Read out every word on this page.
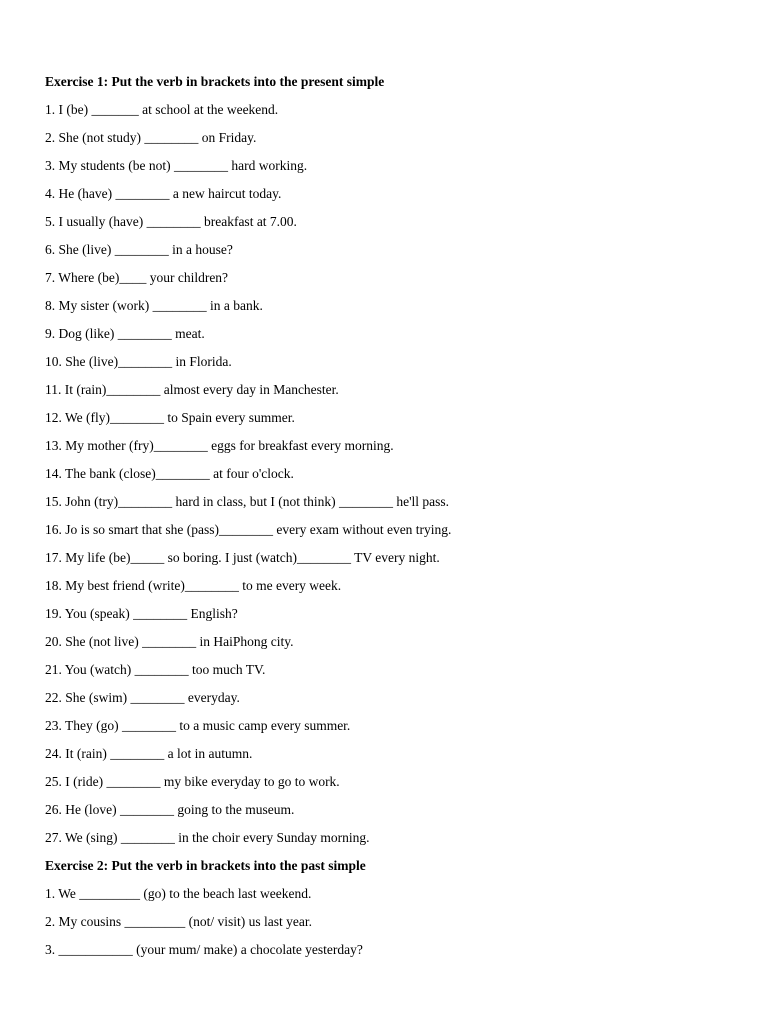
Exercise 1: Put the verb in brackets into the present simple
1. I (be) _______ at school at the weekend.
2. She (not study) ________ on Friday.
3. My students (be not) ________ hard working.
4. He (have) ________ a new haircut today.
5. I usually (have) ________ breakfast at 7.00.
6. She (live) ________ in a house?
7. Where (be)____ your children?
8. My sister (work) ________ in a bank.
9. Dog (like) ________ meat.
10. She (live)________ in Florida.
11. It (rain)________ almost every day in Manchester.
12. We (fly)________ to Spain every summer.
13. My mother (fry)________ eggs for breakfast every morning.
14. The bank (close)________ at four o'clock.
15. John (try)________ hard in class, but I (not think) ________ he'll pass.
16. Jo is so smart that she (pass)________ every exam without even trying.
17. My life (be)_____ so boring. I just (watch)________ TV every night.
18. My best friend (write)________ to me every week.
19. You (speak) ________ English?
20. She (not live) ________ in HaiPhong city.
21. You (watch) ________ too much TV.
22. She (swim) ________ everyday.
23. They (go) ________ to a music camp every summer.
24. It (rain) ________ a lot in autumn.
25. I (ride) ________ my bike everyday to go to work.
26. He (love) ________ going to the museum.
27. We (sing) ________ in the choir every Sunday morning.
Exercise 2: Put the verb in brackets into the past simple
1. We _________ (go) to the beach last weekend.
2. My cousins _________ (not/ visit) us last year.
3. ___________ (your mum/ make) a chocolate yesterday?
